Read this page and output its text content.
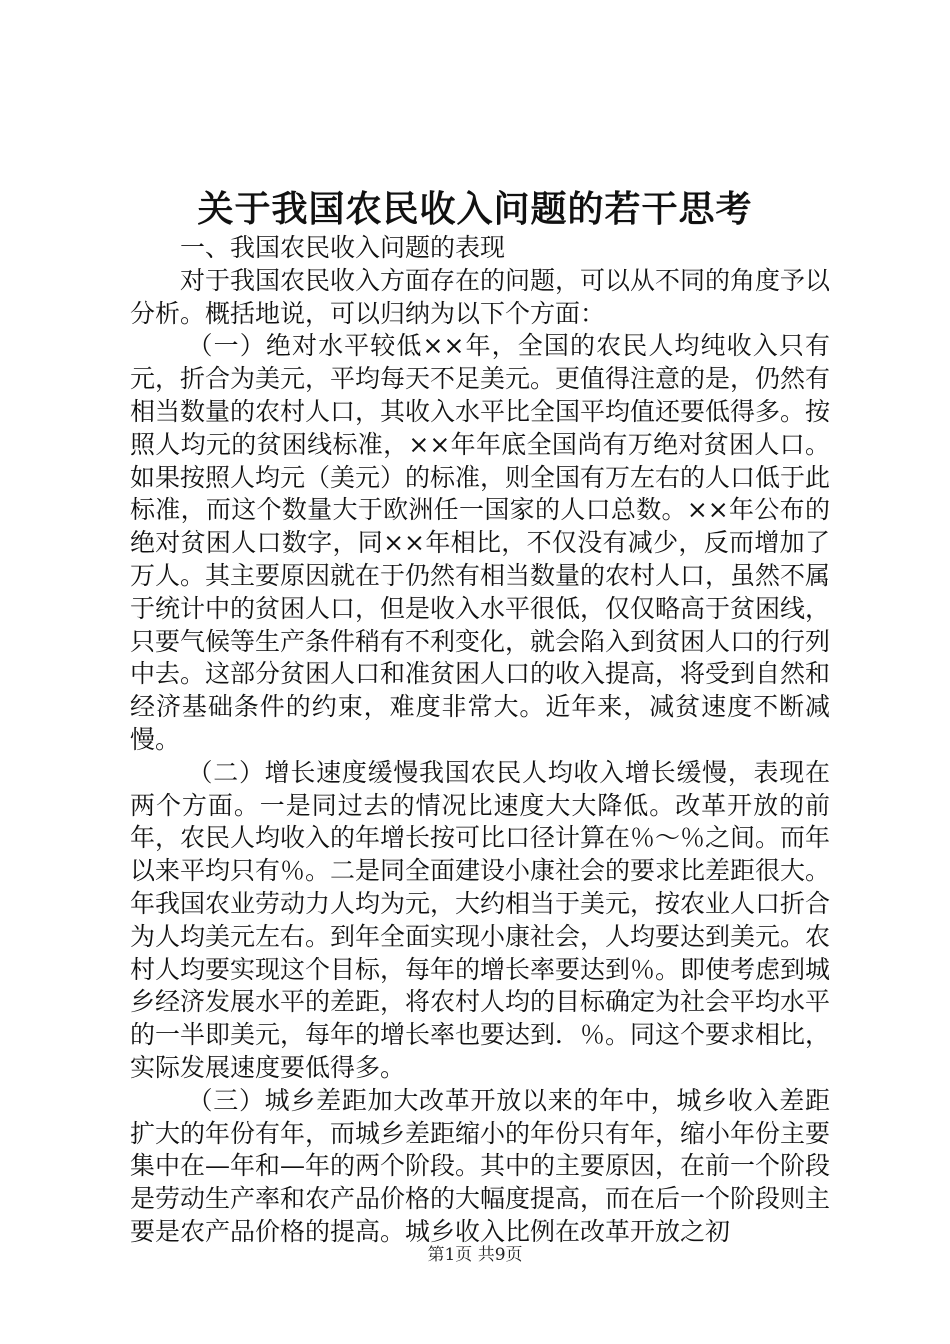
关于我国农民收入问题的若干思考

一、我国农民收入问题的表现

对于我国农民收入方面存在的问题，可以从不同的角度予以分析。概括地说，可以归纳为以下个方面：

（一）绝对水平较低××年，全国的农民人均纯收入只有元，折合为美元，平均每天不足美元。更值得注意的是，仍然有相当数量的农村人口，其收入水平比全国平均值还要低得多。按照人均元的贫困线标准，××年年底全国尚有万绝对贫困人口。如果按照人均元（美元）的标准，则全国有万左右的人口低于此标准，而这个数量大于欧洲任一国家的人口总数。××年公布的绝对贫困人口数字，同××年相比，不仅没有减少，反而增加了万人。其主要原因就在于仍然有相当数量的农村人口，虽然不属于统计中的贫困人口，但是收入水平很低，仅仅略高于贫困线，只要气候等生产条件稍有不利变化，就会陷入到贫困人口的行列中去。这部分贫困人口和准贫困人口的收入提高，将受到自然和经济基础条件的约束，难度非常大。近年来，减贫速度不断减慢。

（二）增长速度缓慢我国农民人均收入增长缓慢，表现在两个方面。一是同过去的情况比速度大大降低。改革开放的前年，农民人均收入的年增长按可比口径计算在％～％之间。而年以来平均只有％。二是同全面建设小康社会的要求比差距很大。年我国农业劳动力人均为元，大约相当于美元，按农业人口折合为人均美元左右。到年全面实现小康社会，人均要达到美元。农村人均要实现这个目标，每年的增长率要达到％。即使考虑到城乡经济发展水平的差距，将农村人均的目标确定为社会平均水平的一半即美元，每年的增长率也要达到．％。同这个要求相比，实际发展速度要低得多。

（三）城乡差距加大改革开放以来的年中，城乡收入差距扩大的年份有年，而城乡差距缩小的年份只有年，缩小年份主要集中在—年和—年的两个阶段。其中的主要原因，在前一个阶段是劳动生产率和农产品价格的大幅度提高，而在后一个阶段则主要是农产品价格的提高。城乡收入比例在改革开放之初

第1页 共9页
